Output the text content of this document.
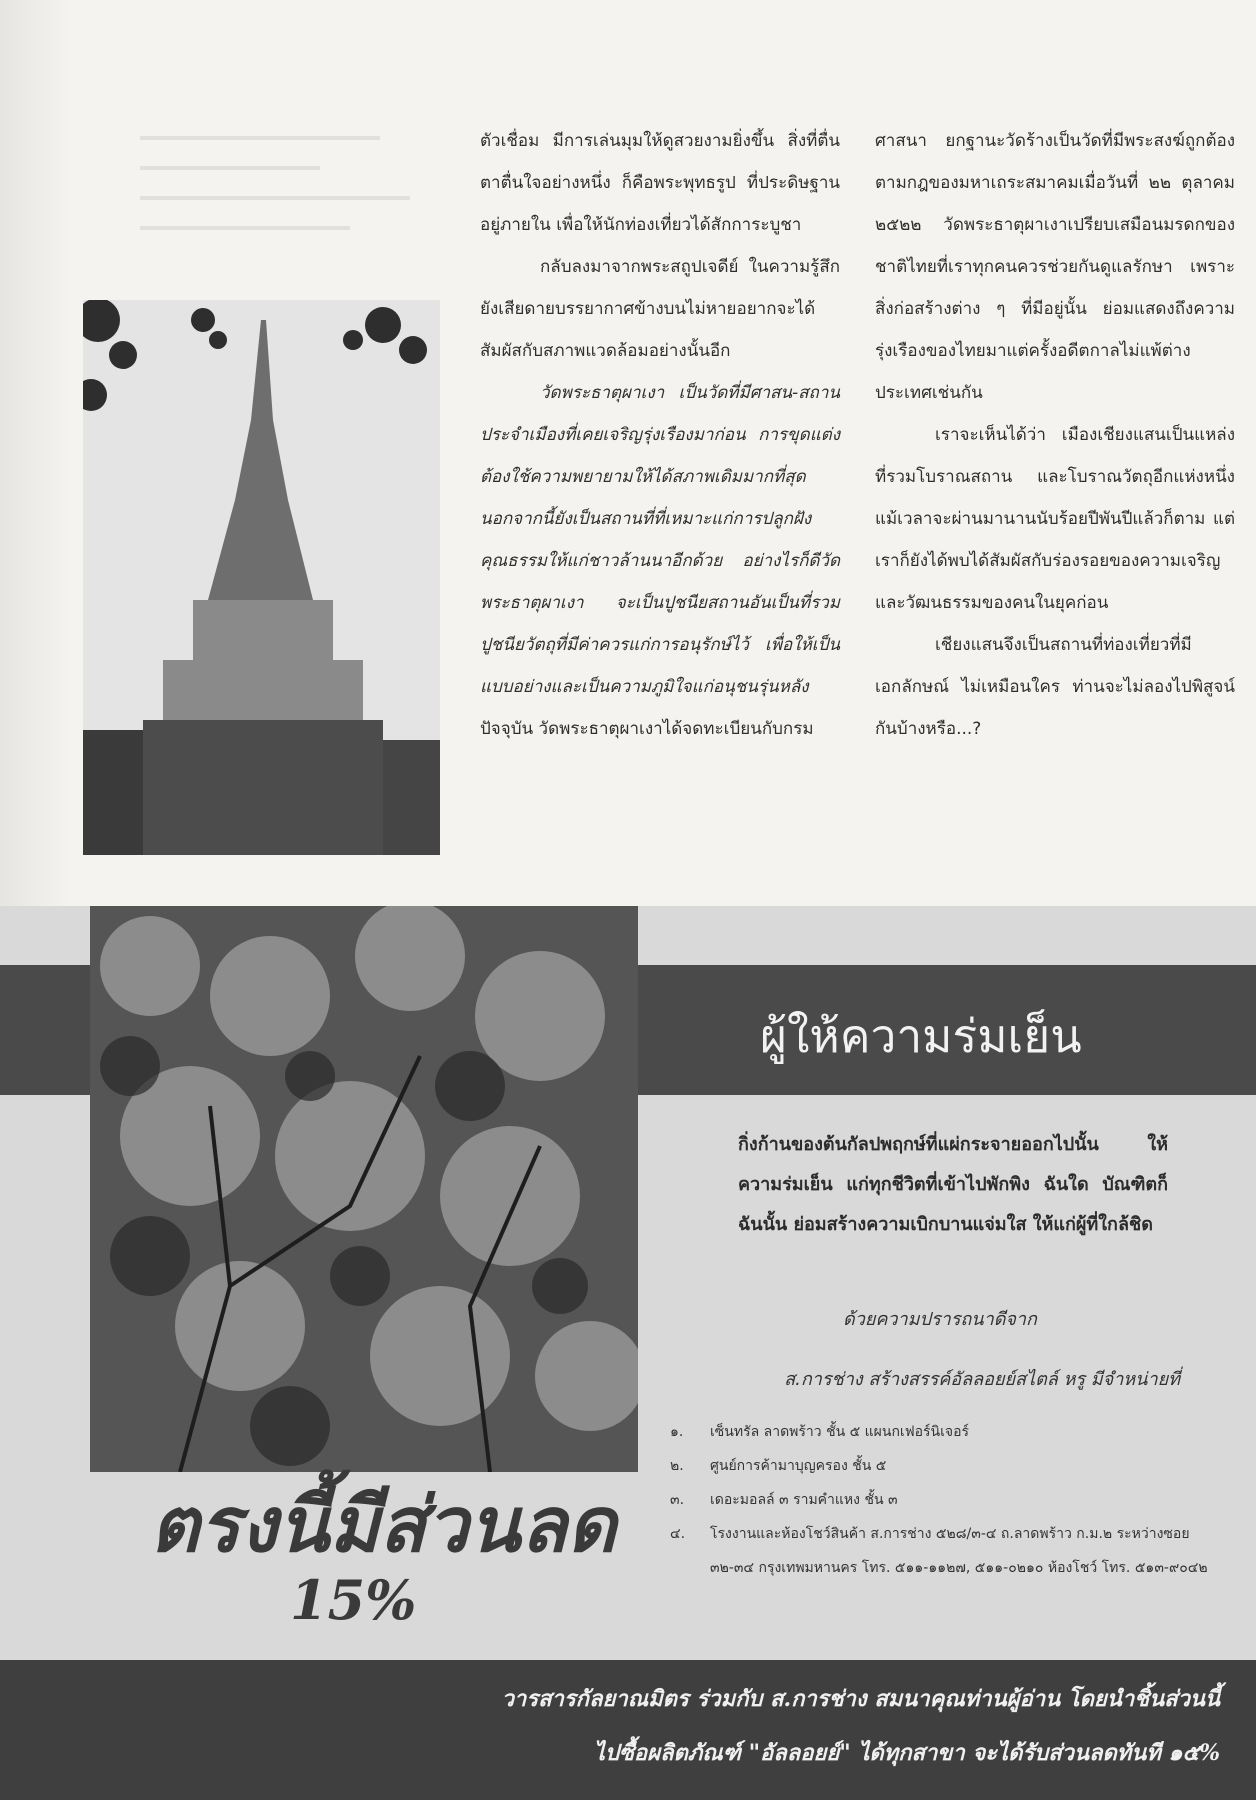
ตัวเชื่อม มีการเล่นมุมให้ดูสวยงามยิ่งขึ้น สิ่งที่ตื่นตาตื่นใจอย่างหนึ่ง ก็คือพระพุทธรูป ที่ประดิษฐานอยู่ภายใน เพื่อให้นักท่องเที่ยวได้สักการะบูชา

กลับลงมาจากพระสถูปเจดีย์ ในความรู้สึกยังเสียดายบรรยากาศข้างบนไม่หายอยากจะได้สัมผัสกับสภาพแวดล้อมอย่างนั้นอีก

วัดพระธาตุผาเงา เป็นวัดที่มีศาสน-สถานประจำเมืองที่เคยเจริญรุ่งเรืองมาก่อน การขุดแต่งต้องใช้ความพยายามให้ได้สภาพเดิมมากที่สุด นอกจากนี้ยังเป็นสถานที่ที่เหมาะแก่การปลูกฝังคุณธรรมให้แก่ชาวล้านนาอีกด้วย อย่างไรก็ดีวัดพระธาตุผาเงา จะเป็นปูชนียสถานอันเป็นที่รวมปูชนียวัตถุที่มีค่าควรแก่การอนุรักษ์ไว้ เพื่อให้เป็นแบบอย่างและเป็นความภูมิใจแก่อนุชนรุ่นหลัง

ปัจจุบัน วัดพระธาตุผาเงาได้จดทะเบียนกับกรม

ศาสนา ยกฐานะวัดร้างเป็นวัดที่มีพระสงฆ์ถูกต้องตามกฎของมหาเถระสมาคมเมื่อวันที่ ๒๒ ตุลาคม ๒๕๒๒ วัดพระธาตุผาเงาเปรียบเสมือนมรดกของชาติไทยที่เราทุกคนควรช่วยกันดูแลรักษา เพราะสิ่งก่อสร้างต่าง ๆ ที่มีอยู่นั้น ย่อมแสดงถึงความรุ่งเรืองของไทยมาแต่ครั้งอดีตกาลไม่แพ้ต่างประเทศเช่นกัน

เราจะเห็นได้ว่า เมืองเชียงแสนเป็นแหล่งที่รวมโบราณสถาน และโบราณวัตถุอีกแห่งหนึ่ง แม้เวลาจะผ่านมานานนับร้อยปีพันปีแล้วก็ตาม แต่เราก็ยังได้พบได้สัมผัสกับร่องรอยของความเจริญและวัฒนธรรมของคนในยุคก่อน

เชียงแสนจึงเป็นสถานที่ท่องเที่ยวที่มีเอกลักษณ์ ไม่เหมือนใคร ท่านจะไม่ลองไปพิสูจน์กันบ้างหรือ...?

ผู้ให้ความร่มเย็น

กิ่งก้านของต้นกัลปพฤกษ์ที่แผ่กระจายออกไปนั้น ให้ความร่มเย็น แก่ทุกชีวิตที่เข้าไปพักพิง ฉันใด บัณฑิตก็ฉันนั้น ย่อมสร้างความเบิกบานแจ่มใส ให้แก่ผู้ที่ใกล้ชิด

ด้วยความปรารถนาดีจาก
ส.การช่าง สร้างสรรค์อัลลอยย์สไตล์ หรู มีจำหน่ายที่
๑.	เซ็นทรัล ลาดพร้าว ชั้น ๕ แผนกเฟอร์นิเจอร์
๒.	ศูนย์การค้ามาบุญครอง ชั้น ๕
๓.	เดอะมอลล์ ๓ รามคำแหง ชั้น ๓
๔.	โรงงานและห้องโชว์สินค้า ส.การช่าง ๕๒๘/๓-๔ ถ.ลาดพร้าว ก.ม.๒ ระหว่างซอย ๓๒-๓๔ กรุงเทพมหานคร โทร. ๕๑๑-๑๑๒๗, ๕๑๑-๐๒๑๐ ห้องโชว์ โทร. ๕๑๓-๙๐๔๒
ตรงนี้มีส่วนลด
15%
วารสารกัลยาณมิตร ร่วมกับ ส.การช่าง สมนาคุณท่านผู้อ่าน โดยนำชิ้นส่วนนี้
ไปซื้อผลิตภัณฑ์ "อัลลอยย์" ได้ทุกสาขา จะได้รับส่วนลดทันที ๑๕%
